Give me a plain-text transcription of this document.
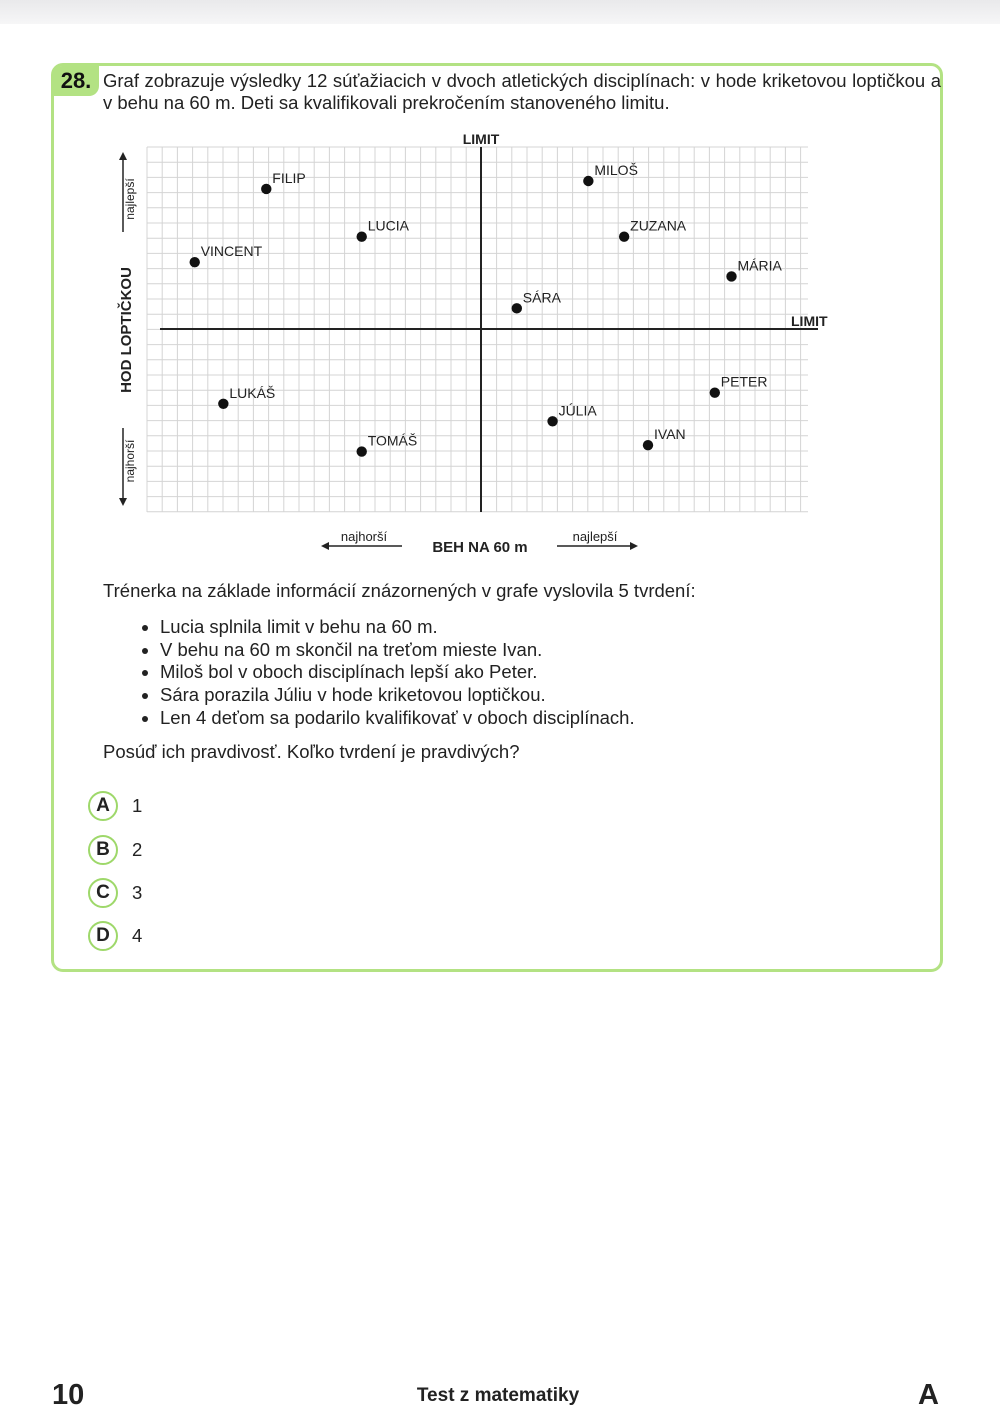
28. Graf zobrazuje výsledky 12 súťažiacich v dvoch atletických disciplínach: v hode kriketovou loptičkou a v behu na 60 m. Deti sa kvalifikovali prekročením stanoveného limitu.
LIMIT
LIMIT
HOD LOPTIČKOU
najlepší
najhorší
BEH NA 60 m
najhorší	najlepší
FILIP	MILOŠ
LUCIA	ZUZANA
VINCENT
MÁRIA
SÁRA
PETER
LUKÁŠ
JÚLIA
IVAN
TOMÁŠ
Trénerka na základe informácií znázornených v grafe vyslovila 5 tvrdení:
• Lucia splnila limit v behu na 60 m.
• V behu na 60 m skončil na treťom mieste Ivan.
• Miloš bol v oboch disciplínach lepší ako Peter.
• Sára porazila Júliu v hode kriketovou loptičkou.
• Len 4 deťom sa podarilo kvalifikovať v oboch disciplínach.
Posúď ich pravdivosť. Koľko tvrdení je pravdivých?
A	1
B	2
C	3
D	4
10	Test z matematiky	A
